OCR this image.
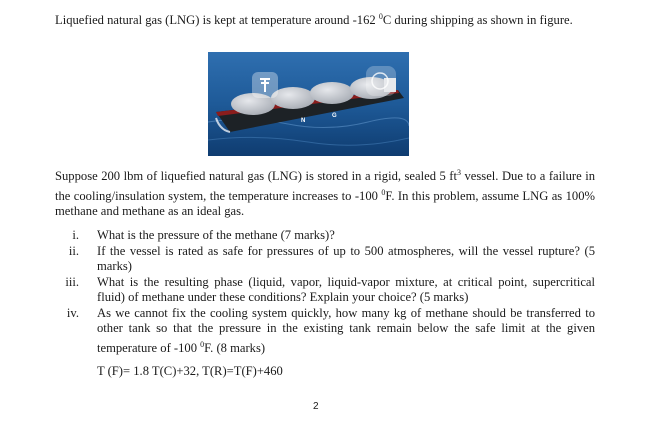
Liquefied natural gas (LNG) is kept at temperature around -162 $^0$C during shipping as shown in figure.

N
G

Suppose 200 lbm of liquefied natural gas (LNG) is stored in a rigid, sealed 5 $ft^3$ vessel. Due to a failure in the cooling/insulation system, the temperature increases to -100 $^0$F. In this problem, assume LNG as 100% methane and methane as an ideal gas.

i. What is the pressure of the methane (7 marks)?

ii. If the vessel is rated as safe for pressures of up to 500 atmospheres, will the vessel rupture? (5 marks)

iii. What is the resulting phase (liquid, vapor, liquid-vapor mixture, at critical point, supercritical fluid) of methane under these conditions? Explain your choice? (5 marks)

iv. As we cannot fix the cooling system quickly, how many kg of methane should be transferred to other tank so that the pressure in the existing tank remain below the safe limit at the given temperature of -100 $^0$F. (8 marks)

T (F)= 1.8 T(C)+32, T(R)=T(F)+460
2
